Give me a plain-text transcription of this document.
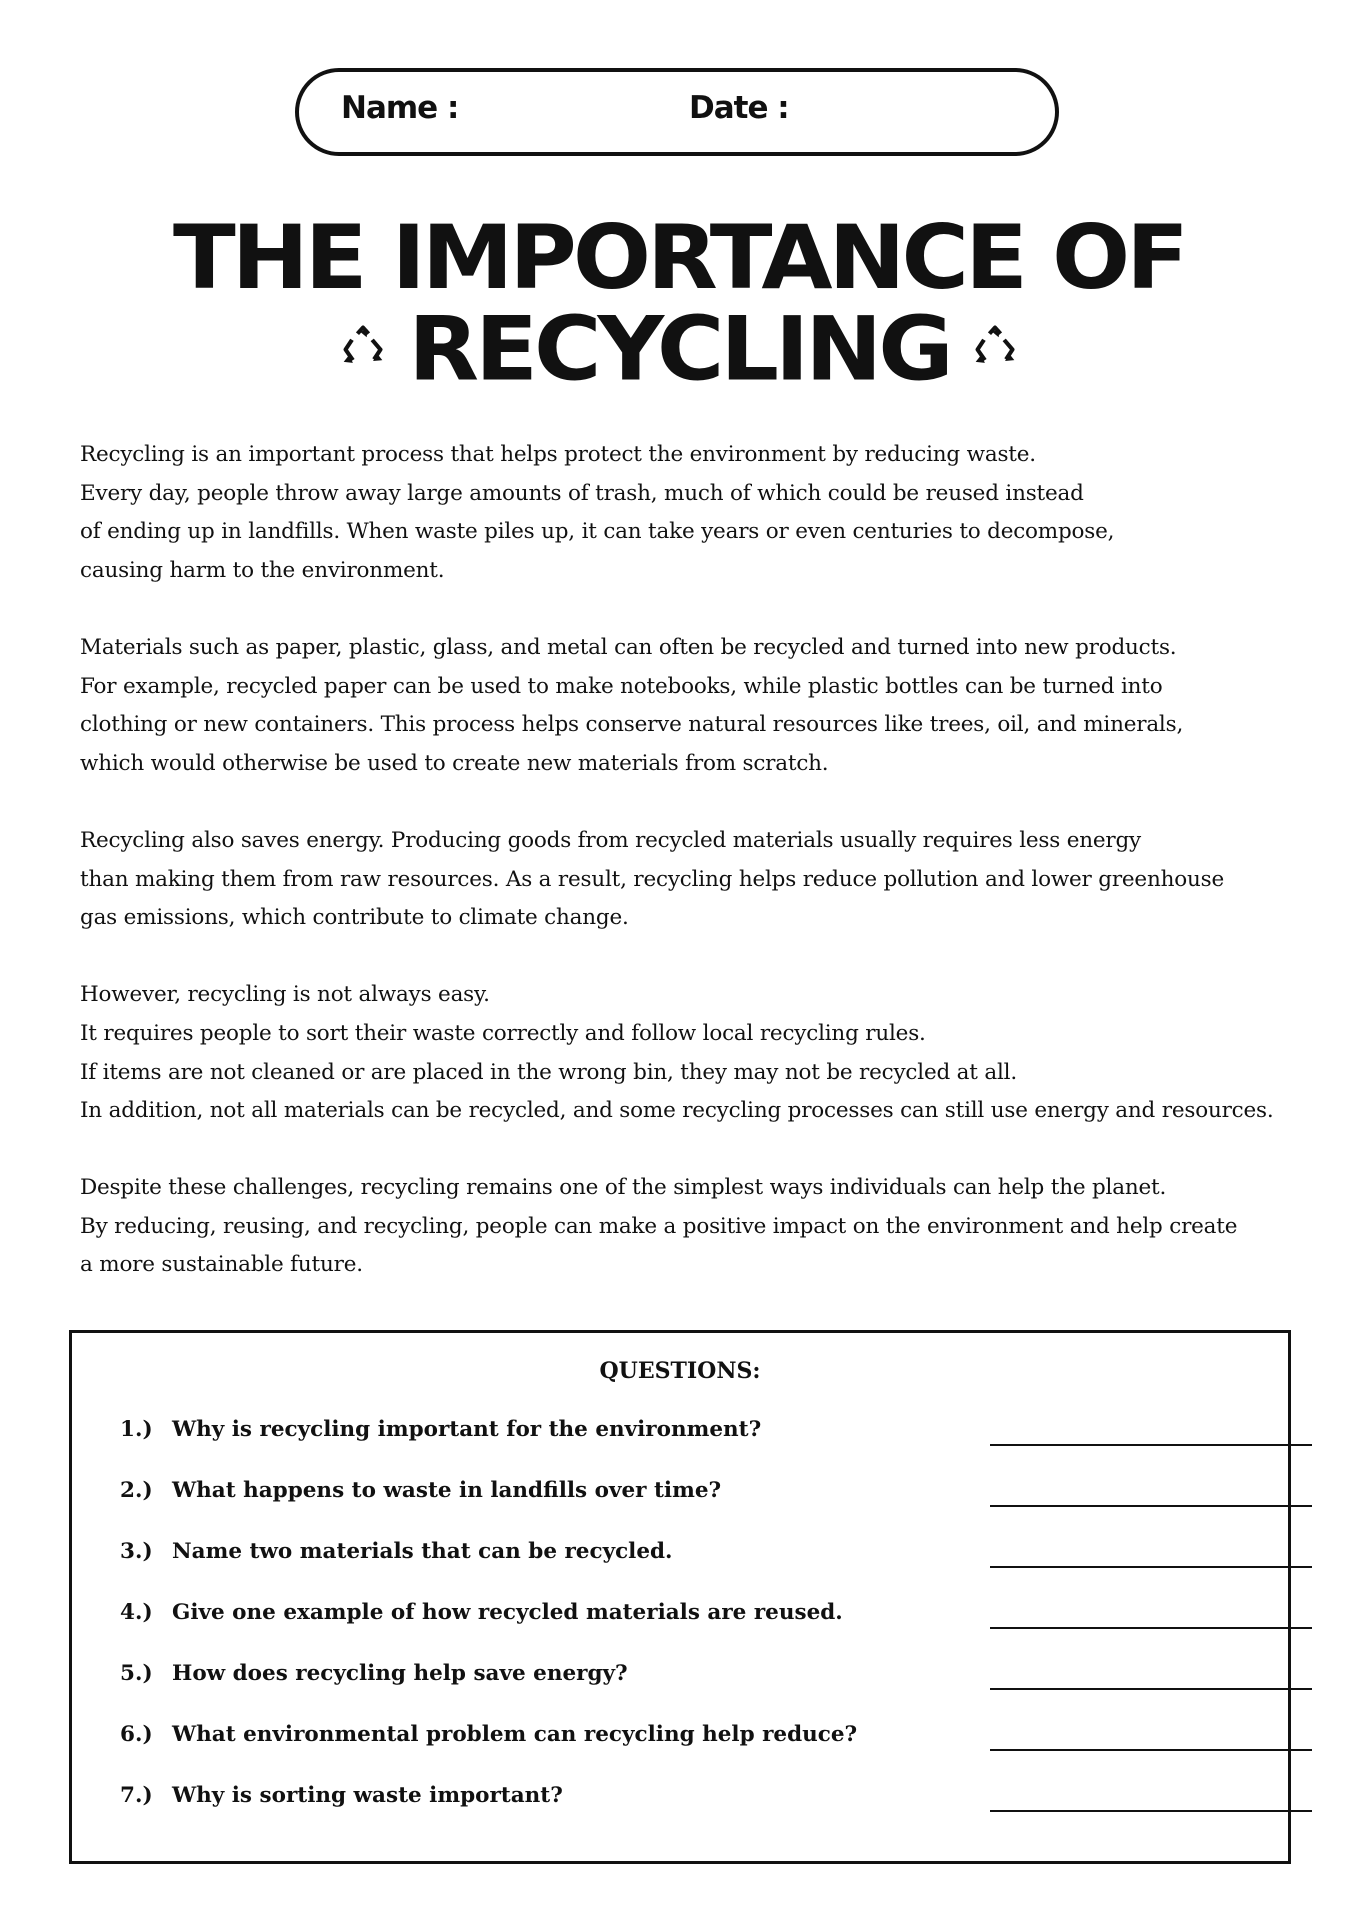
Name :	Date :
THE IMPORTANCE OF
RECYCLING

Recycling is an important process that helps protect the environment by reducing waste.
Every day, people throw away large amounts of trash, much of which could be reused instead
of ending up in landfills. When waste piles up, it can take years or even centuries to decompose,
causing harm to the environment.

Materials such as paper, plastic, glass, and metal can often be recycled and turned into new products.
For example, recycled paper can be used to make notebooks, while plastic bottles can be turned into
clothing or new containers. This process helps conserve natural resources like trees, oil, and minerals,
which would otherwise be used to create new materials from scratch.

Recycling also saves energy. Producing goods from recycled materials usually requires less energy
than making them from raw resources. As a result, recycling helps reduce pollution and lower greenhouse
gas emissions, which contribute to climate change.

However, recycling is not always easy.
It requires people to sort their waste correctly and follow local recycling rules.
If items are not cleaned or are placed in the wrong bin, they may not be recycled at all.
In addition, not all materials can be recycled, and some recycling processes can still use energy and resources.

Despite these challenges, recycling remains one of the simplest ways individuals can help the planet.
By reducing, reusing, and recycling, people can make a positive impact on the environment and help create
a more sustainable future.

QUESTIONS:
1.) Why is recycling important for the environment?
2.) What happens to waste in landfills over time?
3.) Name two materials that can be recycled.
4.) Give one example of how recycled materials are reused.
5.) How does recycling help save energy?
6.) What environmental problem can recycling help reduce?
7.) Why is sorting waste important?
